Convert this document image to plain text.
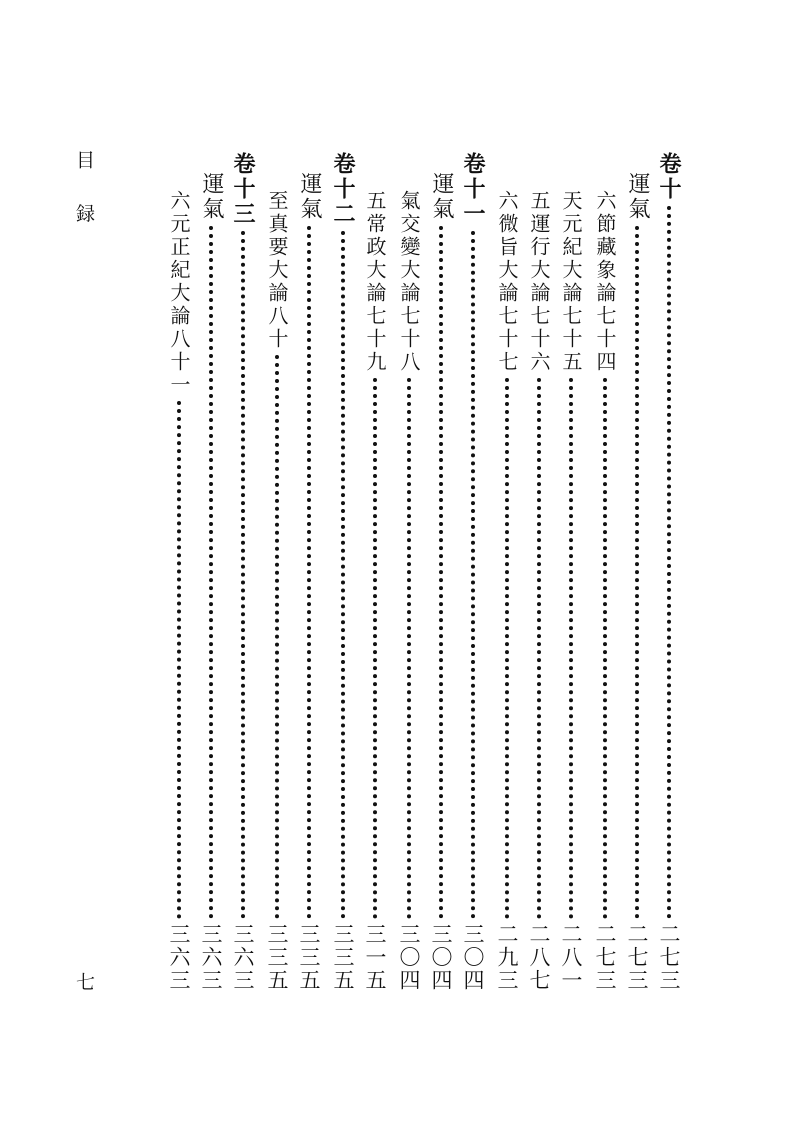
目 録
七
卷十
二七三
運氣
二七三
六節藏象論七十四
二七三
天元紀大論七十五
二八一
五運行大論七十六
二八七
六微旨大論七十七
二九三
卷十一
三〇四
運氣
三〇四
氣交變大論七十八
三〇四
五常政大論七十九
三一五
卷十二
三三五
運氣
三三五
至真要大論八十
三三五
卷十三
三六三
運氣
三六三
六元正紀大論八十一
三六三
